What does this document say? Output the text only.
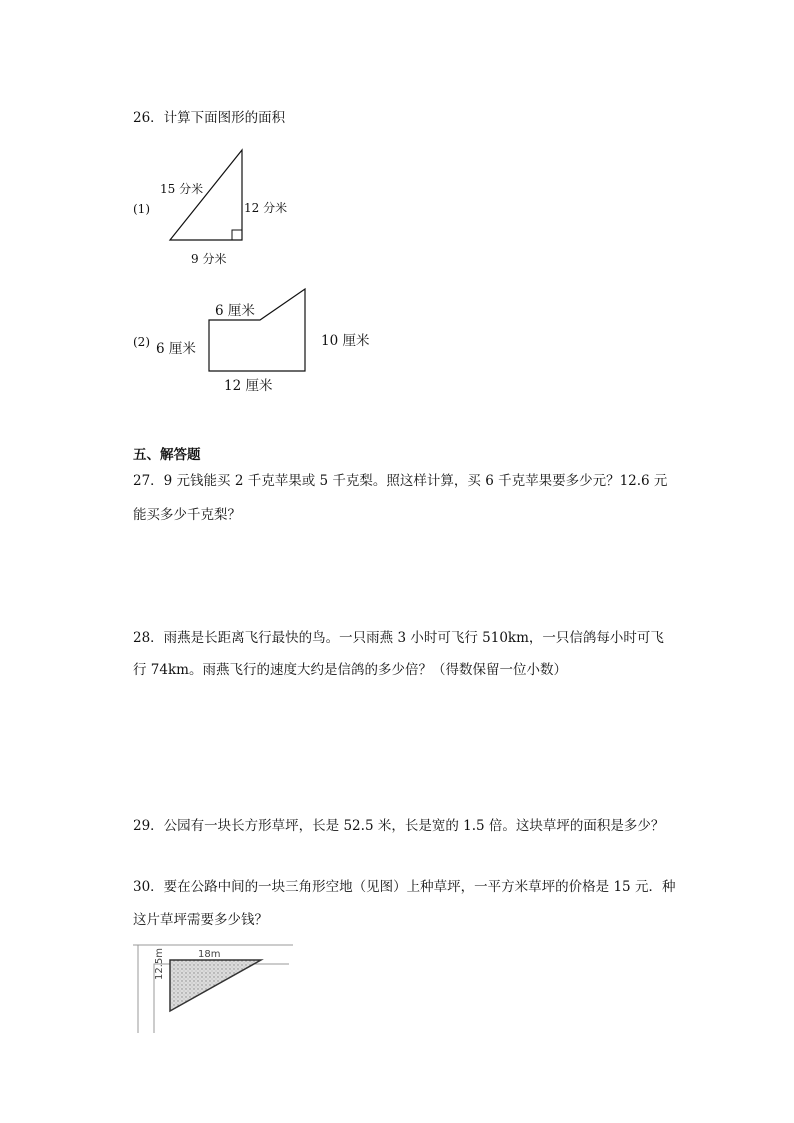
26．计算下面图形的面积
(1)
15 分米
12 分米
9 分米
(2)
6 厘米
6 厘米	10 厘米
12 厘米
五、解答题
27．9 元钱能买 2 千克苹果或 5 千克梨。照这样计算，买 6 千克苹果要多少元？12.6 元
能买多少千克梨？
28．雨燕是长距离飞行最快的鸟。一只雨燕 3 小时可飞行 510km，一只信鸽每小时可飞
行 74km。雨燕飞行的速度大约是信鸽的多少倍？（得数保留一位小数）
29．公园有一块长方形草坪，长是 52.5 米，长是宽的 1.5 倍。这块草坪的面积是多少？
30．要在公路中间的一块三角形空地（见图）上种草坪，一平方米草坪的价格是 15 元．种
这片草坪需要多少钱？
18m
12.5m
